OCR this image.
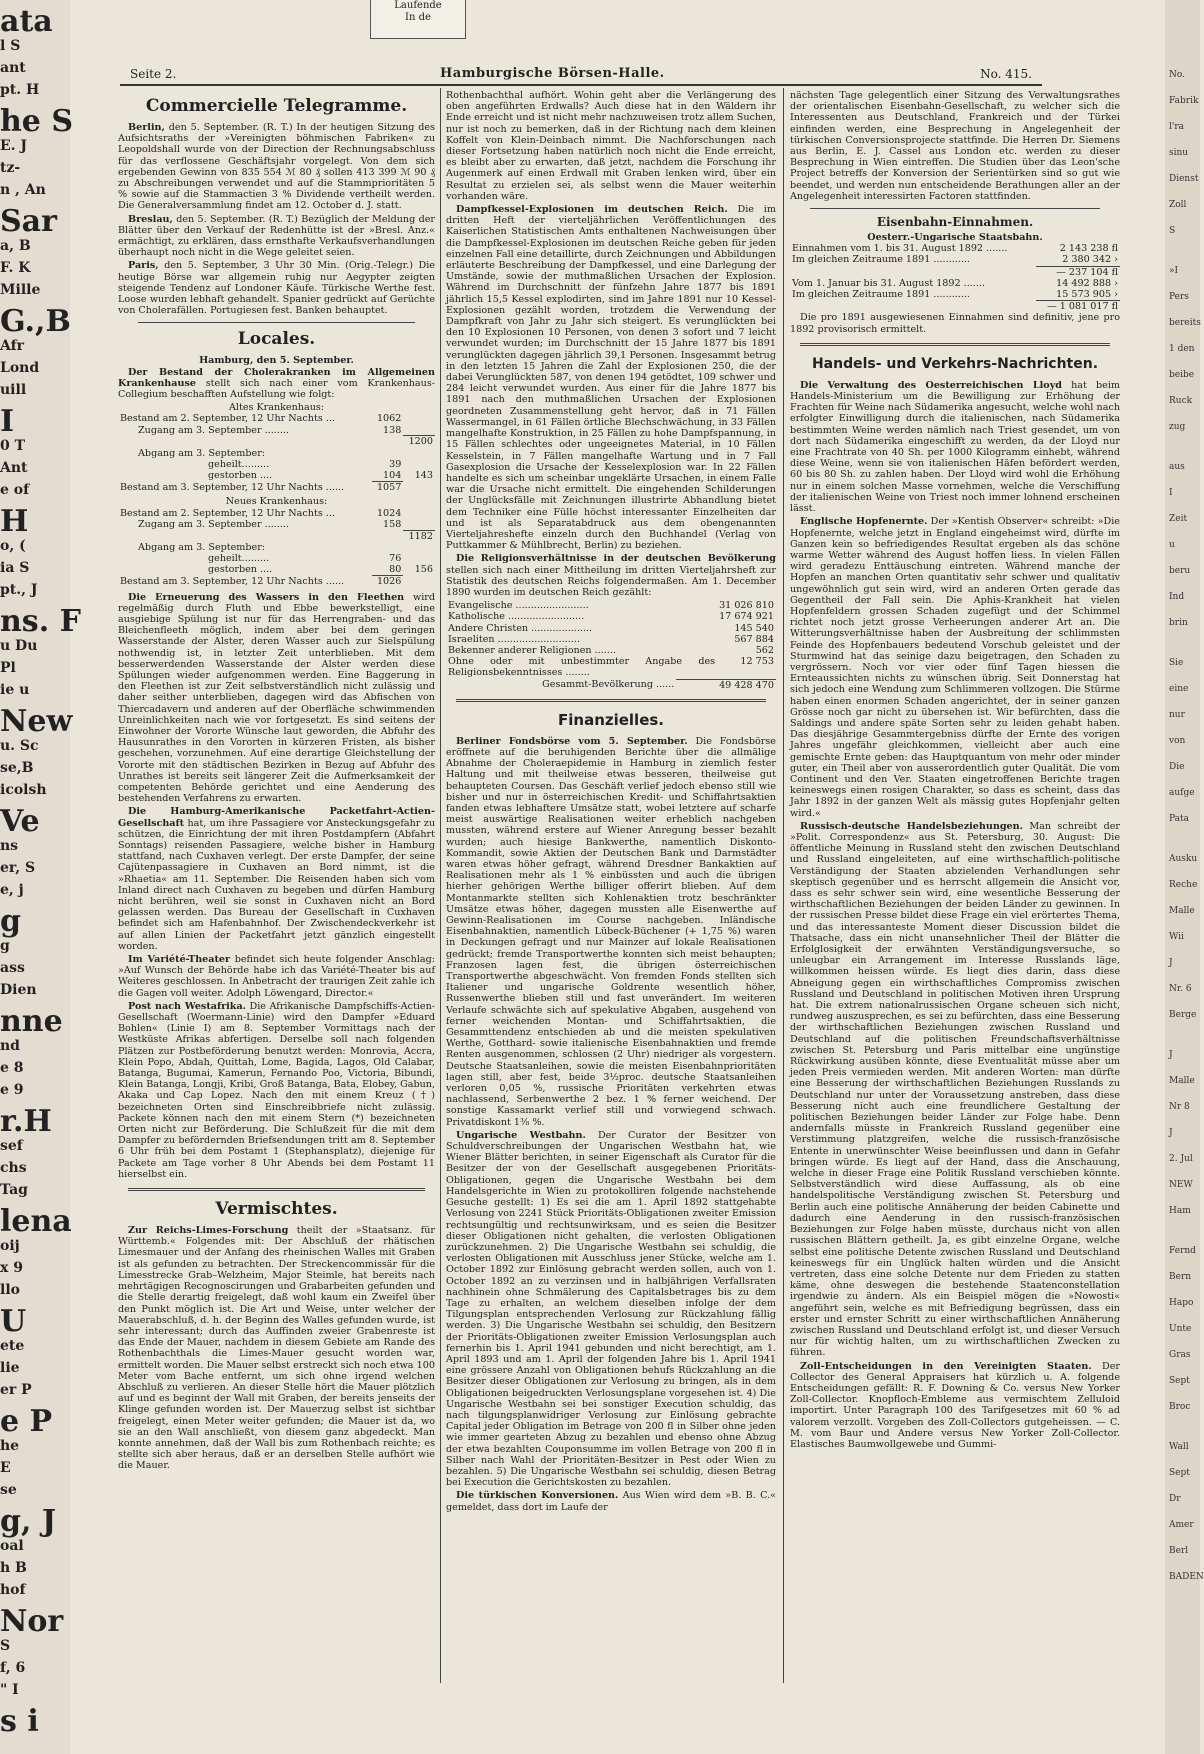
ata
l S
ant
pt. H
he S
E. J
tz-
n , An
Sar
a, B
F. K
Mille
G.,B
Afr
Lond
uill
I
0 T
Ant
e of
H
o, (
ia S
pt., J
ns. F
u Du
Pl
ie u
New
u. Sc
se,B
icolsh
Ve
ns
er, S
e, j
g
g
ass
Dien
nne
nd
e 8
e 9
r.H
sef
chs
Tag
lena
oij
x 9
llo
U
ete
lie
er P
e P
he
E
se
g, J
oal
h B
hof
Nor
S
f, 6
" I
s i
Laufende
In de
Seite 2.	Hamburgische Börsen-Halle.	No. 415.
Commercielle Telegramme.

Berlin, den 5. September. (R. T.) In der heutigen Sitzung des Aufsichtsraths der »Vereinigten böhmischen Fabriken« zu Leopoldshall wurde von der Direction der Rechnungsabschluss für das verflossene Geschäftsjahr vorgelegt. Von dem sich ergebenden Gewinn von 835 554 ℳ 80 ₰ sollen 413 399 ℳ 90 ₰ zu Abschreibungen verwendet und auf die Stammprioritäten 5 % sowie auf die Stammactien 3 % Dividende vertheilt werden. Die Generalversammlung findet am 12. October d. J. statt.

Breslau, den 5. September. (R. T.) Bezüglich der Meldung der Blätter über den Verkauf der Redenhütte ist der »Bresl. Anz.« ermächtigt, zu erklären, dass ernsthafte Verkaufsverhandlungen überhaupt noch nicht in die Wege geleitet seien.

Paris, den 5. September, 3 Uhr 30 Min. (Orig.-Telegr.) Die heutige Börse war allgemein ruhig nur Aegypter zeigten steigende Tendenz auf Londoner Käufe. Türkische Werthe fest. Loose wurden lebhaft gehandelt. Spanier gedrückt auf Gerüchte von Cholerafällen. Portugiesen fest. Banken behauptet.

Locales.
Hamburg, den 5. September.

Der Bestand der Cholerakranken im Allgemeinen Krankenhause stellt sich nach einer vom Krankenhaus-Collegium beschafften Aufstellung wie folgt:

Altes Krankenhaus:
Bestand am 2. September, 12 Uhr Nachts ...	1062	
Zugang am 3. September ........	138	
		1200
Abgang am 3. September:		
geheilt.........	39	
gestorben ....	104	143
Bestand am 3. September, 12 Uhr Nachts ......	1057	
Neues Krankenhaus:
Bestand am 2. September, 12 Uhr Nachts ...	1024	
Zugang am 3. September ........	158	
		1182
Abgang am 3. September:		
geheilt.........	76	
gestorben ....	80	156
Bestand am 3. September, 12 Uhr Nachts ......	1026	

Die Erneuerung des Wassers in den Fleethen wird regelmäßig durch Fluth und Ebbe bewerkstelligt, eine ausgiebige Spülung ist nur für das Herrengraben- und das Bleichenfleeth möglich, indem aber bei dem geringen Wasserstande der Alster, deren Wasser auch zur Sielspülung nothwendig ist, in letzter Zeit unterblieben. Mit dem besserwerdenden Wasserstande der Alster werden diese Spülungen wieder aufgenommen werden. Eine Baggerung in den Fleethen ist zur Zeit selbstverständlich nicht zulässig und daher seither unterblieben, dagegen wird das Abfischen von Thiercadavern und anderen auf der Oberfläche schwimmenden Unreinlichkeiten nach wie vor fortgesetzt. Es sind seitens der Einwohner der Vororte Wünsche laut geworden, die Abfuhr des Hausunrathes in den Vororten in kürzeren Fristen, als bisher geschehen, vorzunehmen. Auf eine derartige Gleichstellung der Vororte mit den städtischen Bezirken in Bezug auf Abfuhr des Unrathes ist bereits seit längerer Zeit die Aufmerksamkeit der competenten Behörde gerichtet und eine Aenderung des bestehenden Verfahrens zu erwarten.

Die Hamburg-Amerikanische Packetfahrt-Actien-Gesellschaft hat, um ihre Passagiere vor Ansteckungsgefahr zu schützen, die Einrichtung der mit ihren Postdampfern (Abfahrt Sonntags) reisenden Passagiere, welche bisher in Hamburg stattfand, nach Cuxhaven verlegt. Der erste Dampfer, der seine Cajütenpassagiere in Cuxhaven an Bord nimmt, ist die »Rhaetia« am 11. September. Die Reisenden haben sich vom Inland direct nach Cuxhaven zu begeben und dürfen Hamburg nicht berühren, weil sie sonst in Cuxhaven nicht an Bord gelassen werden. Das Bureau der Gesellschaft in Cuxhaven befindet sich am Hafenbahnhof. Der Zwischendeckverkehr ist auf allen Linien der Packetfahrt jetzt gänzlich eingestellt worden.

Im Variété-Theater befindet sich heute folgender Anschlag: »Auf Wunsch der Behörde habe ich das Variété-Theater bis auf Weiteres geschlossen. In Anbetracht der traurigen Zeit zahle ich die Gagen voll weiter. Adolph Löwengard, Director.«

Post nach Westafrika. Die Afrikanische Dampfschiffs-Actien-Gesellschaft (Woermann-Linie) wird den Dampfer »Eduard Bohlen« (Linie I) am 8. September Vormittags nach der Westküste Afrikas abfertigen. Derselbe soll nach folgenden Plätzen zur Postbeförderung benutzt werden: Monrovia, Accra, Klein Popo, Abdah, Quittah, Lome, Bagida, Lagos, Old Calabar, Batanga, Bugumai, Kamerun, Fernando Poo, Victoria, Bibundi, Klein Batanga, Longji, Kribi, Groß Batanga, Bata, Elobey, Gabun, Akaka und Cap Lopez. Nach den mit einem Kreuz (†) bezeichneten Orten sind Einschreibbriefe nicht zulässig. Packete können nach den mit einem Stern (*) bezeichneten Orten nicht zur Beförderung. Die Schlußzeit für die mit dem Dampfer zu befördernden Briefsendungen tritt am 8. September 6 Uhr früh bei dem Postamt 1 (Stephansplatz), diejenige für Packete am Tage vorher 8 Uhr Abends bei dem Postamt 11 hierselbst ein.

Vermischtes.

Zur Reichs-Limes-Forschung theilt der »Staatsanz. für Württemb.« Folgendes mit: Der Abschluß der rhätischen Limesmauer und der Anfang des rheinischen Walles mit Graben ist als gefunden zu betrachten. Der Streckencommissär für die Limesstrecke Grab–Welzheim, Major Steimle, hat bereits nach mehrtägigen Recognoscirungen und Grabarbeiten gefunden und die Stelle derartig freigelegt, daß wohl kaum ein Zweifel über den Punkt möglich ist. Die Art und Weise, unter welcher der Mauerabschluß, d. h. der Beginn des Walles gefunden wurde, ist sehr interessant; durch das Auffinden zweier Grabenreste ist das Ende der Mauer, nachdem in diesem Gebiete am Rande des Rothenbachthals die Limes-Mauer gesucht worden war, ermittelt worden. Die Mauer selbst erstreckt sich noch etwa 100 Meter vom Bache entfernt, um sich ohne irgend welchen Abschluß zu verlieren. An dieser Stelle hört die Mauer plötzlich auf und es beginnt der Wall mit Graben, der bereits jenseits der Klinge gefunden worden ist. Der Mauerzug selbst ist sichtbar freigelegt, einen Meter weiter gefunden; die Mauer ist da, wo sie an den Wall anschließt, von diesem ganz abgedeckt. Man konnte annehmen, daß der Wall bis zum Rothenbach reichte; es stellte sich aber heraus, daß er an derselben Stelle aufhört wie die Mauer.

Rothenbachthal aufhört. Wohin geht aber die Verlängerung des oben angeführten Erdwalls? Auch diese hat in den Wäldern ihr Ende erreicht und ist nicht mehr nachzuweisen trotz allem Suchen, nur ist noch zu bemerken, daß in der Richtung nach dem kleinen Koffelt von Klein-Deinbach nimmt. Die Nachforschungen nach dieser Fortsetzung haben natürlich noch nicht die Ende erreicht, es bleibt aber zu erwarten, daß jetzt, nachdem die Forschung ihr Augenmerk auf einen Erdwall mit Graben lenken wird, über ein Resultat zu erzielen sei, als selbst wenn die Mauer weiterhin vorhanden wäre.

Dampfkessel-Explosionen im deutschen Reich. Die im dritten Heft der vierteljährlichen Veröffentlichungen des Kaiserlichen Statistischen Amts enthaltenen Nachweisungen über die Dampfkessel-Explosionen im deutschen Reiche geben für jeden einzelnen Fall eine detaillirte, durch Zeichnungen und Abbildungen erläuterte Beschreibung der Dampfkessel, und eine Darlegung der Umstände, sowie der muthmaßlichen Ursachen der Explosion. Während im Durchschnitt der fünfzehn Jahre 1877 bis 1891 jährlich 15,5 Kessel explodirten, sind im Jahre 1891 nur 10 Kessel-Explosionen gezählt worden, trotzdem die Verwendung der Dampfkraft von Jahr zu Jahr sich steigert. Es verunglückten bei den 10 Explosionen 10 Personen, von denen 3 sofort und 7 leicht verwundet wurden; im Durchschnitt der 15 Jahre 1877 bis 1891 verunglückten dagegen jährlich 39,1 Personen. Insgesammt betrug in den letzten 15 Jahren die Zahl der Explosionen 250, die der dabei Verunglückten 587, von denen 194 getödtet, 109 schwer und 284 leicht verwundet wurden. Aus einer für die Jahre 1877 bis 1891 nach den muthmaßlichen Ursachen der Explosionen geordneten Zusammenstellung geht hervor, daß in 71 Fällen Wassermangel, in 61 Fällen örtliche Blechschwächung, in 33 Fällen mangelhafte Konstruktion, in 25 Fällen zu hohe Dampfspannung, in 15 Fällen schlechtes oder ungeeignetes Material, in 10 Fällen Kesselstein, in 7 Fällen mangelhafte Wartung und in 7 Fall Gasexplosion die Ursache der Kesselexplosion war. In 22 Fällen handelte es sich um scheinbar ungeklärte Ursachen, in einem Falle war die Ursache nicht ermittelt. Die eingehenden Schilderungen der Unglücksfälle mit Zeichnungen illustrirte Abhandlung bietet dem Techniker eine Fülle höchst interessanter Einzelheiten dar und ist als Separatabdruck aus dem obengenannten Vierteljahreshefte einzeln durch den Buchhandel (Verlag von Puttkammer & Mühlbrecht, Berlin) zu beziehen.

Die Religionsverhältnisse in der deutschen Bevölkerung stellen sich nach einer Mittheilung im dritten Vierteljahrsheft zur Statistik des deutschen Reichs folgendermaßen. Am 1. December 1890 wurden im deutschen Reich gezählt:

Evangelische ........................	31 026 810
Katholische .........................	17 674 921
Andere Christen ....................	145 540
Israeliten ...........................	567 884
Bekenner anderer Religionen .......	562
Ohne oder mit unbestimmter Angabe des Religionsbekenntnisses ........	12 753
Gesammt-Bevölkerung ......	49 428 470
Finanzielles.

Berliner Fondsbörse vom 5. September. Die Fondsbörse eröffnete auf die beruhigenden Berichte über die allmälige Abnahme der Choleraepidemie in Hamburg in ziemlich fester Haltung und mit theilweise etwas besseren, theilweise gut behaupteten Coursen. Das Geschäft verlief jedoch ebenso still wie bisher und nur in österreichischen Kredit- und Schiffahrtsaktien fanden etwas lebhaftere Umsätze statt, wobei letztere auf scharfe meist auswärtige Realisationen weiter erheblich nachgeben mussten, während erstere auf Wiener Anregung besser bezahlt wurden; auch hiesige Bankwerthe, namentlich Diskonto-Kommandit, sowie Aktien der Deutschen Bank und Darmstädter waren etwas höher gefragt, während Dresdner Bankaktien auf Realisationen mehr als 1 % einbüssten und auch die übrigen hierher gehörigen Werthe billiger offerirt blieben. Auf dem Montanmarkte stellten sich Kohlenaktien trotz beschränkter Umsätze etwas höher, dagegen mussten alle Eisenwerthe auf Gewinn-Realisationen im Course nachgeben. Inländische Eisenbahnaktien, namentlich Lübeck-Büchener (+ 1,75 %) waren in Deckungen gefragt und nur Mainzer auf lokale Realisationen gedrückt; fremde Transportwerthe konnten sich meist behaupten; Franzosen lagen fest, die übrigen österreichischen Transportwerthe abgeschwächt. Von fremden Fonds stellten sich Italiener und ungarische Goldrente wesentlich höher, Russenwerthe blieben still und fast unverändert. Im weiteren Verlaufe schwächte sich auf spekulative Abgaben, ausgehend von ferner weichenden Montan- und Schiffahrtsaktien, die Gesammttendenz entschieden ab und die meisten spekulativen Werthe, Gotthard- sowie italienische Eisenbahnaktien und fremde Renten ausgenommen, schlossen (2 Uhr) niedriger als vorgestern. Deutsche Staatsanleihen, sowie die meisten Eisenbahnprioritäten lagen still, aber fest, beide 3½proc. deutsche Staatsanleihen verloren 0,05 %, russische Prioritäten verkehrten etwas nachlassend, Serbenwerthe 2 bez. 1 % ferner weichend. Der sonstige Kassamarkt verlief still und vorwiegend schwach. Privatdiskont 1⅜ %.

Ungarische Westbahn. Der Curator der Besitzer von Schuldverschreibungen der Ungarischen Westbahn hat, wie Wiener Blätter berichten, in seiner Eigenschaft als Curator für die Besitzer der von der Gesellschaft ausgegebenen Prioritäts-Obligationen, gegen die Ungarische Westbahn bei dem Handelsgerichte in Wien zu protokolliren folgende nachstehende Gesuche gestellt: 1) Es sei die am 1. April 1892 stattgehabte Verlosung von 2241 Stück Prioritäts-Obligationen zweiter Emission rechtsungültig und rechtsunwirksam, und es seien die Besitzer dieser Obligationen nicht gehalten, die verlosten Obligationen zurückzunehmen. 2) Die Ungarische Westbahn sei schuldig, die verlosten Obligationen mit Ausschluss jener Stücke, welche am 1. October 1892 zur Einlösung gebracht werden sollen, auch von 1. October 1892 an zu verzinsen und in halbjährigen Verfallsraten nachhinein ohne Schmälerung des Capitalsbetrages bis zu dem Tage zu erhalten, an welchem dieselben infolge der dem Tilgungsplan entsprechenden Verlosung zur Rückzahlung fällig werden. 3) Die Ungarische Westbahn sei schuldig, den Besitzern der Prioritäts-Obligationen zweiter Emission Verlosungsplan auch fernerhin bis 1. April 1941 gebunden und nicht berechtigt, am 1. April 1893 und am 1. April der folgenden Jahre bis 1. April 1941 eine grössere Anzahl von Obligationen behufs Rückzahlung an die Besitzer dieser Obligationen zur Verlosung zu bringen, als in dem Obligationen beigedruckten Verlosungsplane vorgesehen ist. 4) Die Ungarische Westbahn sei bei sonstiger Execution schuldig, das nach tilgungsplanwidriger Verlosung zur Einlösung gebrachte Capital jeder Obligation im Betrage von 200 fl in Silber ohne jeden wie immer gearteten Abzug zu bezahlen und ebenso ohne Abzug der etwa bezahlten Couponsumme im vollen Betrage von 200 fl in Silber nach Wahl der Prioritäten-Besitzer in Pest oder Wien zu bezahlen. 5) Die Ungarische Westbahn sei schuldig, diesen Betrag bei Execution die Gerichtskosten zu bezahlen.

Die türkischen Konversionen. Aus Wien wird dem »B. B. C.« gemeldet, dass dort im Laufe der

nächsten Tage gelegentlich einer Sitzung des Verwaltungsrathes der orientalischen Eisenbahn-Gesellschaft, zu welcher sich die Interessenten aus Deutschland, Frankreich und der Türkei einfinden werden, eine Besprechung in Angelegenheit der türkischen Conversionsprojecte stattfinde. Die Herren Dr. Siemens aus Berlin, E. J. Cassel aus London etc. werden zu dieser Besprechung in Wien eintreffen. Die Studien über das Leon'sche Project betreffs der Konversion der Serientürken sind so gut wie beendet, und werden nun entscheidende Berathungen aller an der Angelegenheit interessirten Factoren stattfinden.

Eisenbahn-Einnahmen.
Oesterr.-Ungarische Staatsbahn.
Einnahmen vom 1. bis 31. August 1892 .......	2 143 238 fl
Im gleichen Zeitraume 1891 ............	2 380 342 ›
	— 237 104 fl
Vom 1. Januar bis 31. August 1892 .......	14 492 888 ›
Im gleichen Zeitraume 1891 ............	15 573 905 ›
	— 1 081 017 fl

Die pro 1891 ausgewiesenen Einnahmen sind definitiv, jene pro 1892 provisorisch ermittelt.

Handels- und Verkehrs-Nachrichten.

Die Verwaltung des Oesterreichischen Lloyd hat beim Handels-Ministerium um die Bewilligung zur Erhöhung der Frachten für Weine nach Südamerika angesucht, welche wohl nach erfolgter Einwilligung durch die italienischen, nach Südamerika bestimmten Weine werden nämlich nach Triest gesendet, um von dort nach Südamerika eingeschifft zu werden, da der Lloyd nur eine Frachtrate von 40 Sh. per 1000 Kilogramm einhebt, während diese Weine, wenn sie von italienischen Häfen befördert werden, 60 bis 80 Sh. zu zahlen haben. Der Lloyd wird wohl die Erhöhung nur in einem solchen Masse vornehmen, welche die Verschiffung der italienischen Weine von Triest noch immer lohnend erscheinen lässt.

Englische Hopfenernte. Der »Kentish Observer« schreibt: »Die Hopfenernte, welche jetzt in England eingeheimst wird, dürfte im Ganzen kein so befriedigendes Resultat ergeben als das schöne warme Wetter während des August hoffen liess. In vielen Fällen wird geradezu Enttäuschung eintreten. Während manche der Hopfen an manchen Orten quantitativ sehr schwer und qualitativ ungewöhnlich gut sein wird, wird an anderen Orten gerade das Gegentheil der Fall sein. Die Aphis-Krankheit hat vielen Hopfenfeldern grossen Schaden zugefügt und der Schimmel richtet noch jetzt grosse Verheerungen anderer Art an. Die Witterungsverhältnisse haben der Ausbreitung der schlimmsten Feinde des Hopfenbauers bedeutend Vorschub geleistet und der Sturmwind hat das seinige dazu beigetragen, den Schaden zu vergrössern. Noch vor vier oder fünf Tagen hiessen die Ernteaussichten nichts zu wünschen übrig. Seit Donnerstag hat sich jedoch eine Wendung zum Schlimmeren vollzogen. Die Stürme haben einen enormen Schaden angerichtet, der in seiner ganzen Grösse noch gar nicht zu übersehen ist. Wir befürchten, dass die Saldings und andere späte Sorten sehr zu leiden gehabt haben. Das diesjährige Gesammtergebniss dürfte der Ernte des vorigen Jahres ungefähr gleichkommen, vielleicht aber auch eine gemischte Ernte geben: das Hauptquantum von mehr oder minder guter, ein Theil aber von ausserordentlich guter Qualität. Die vom Continent und den Ver. Staaten eingetroffenen Berichte tragen keineswegs einen rosigen Charakter, so dass es scheint, dass das Jahr 1892 in der ganzen Welt als mässig gutes Hopfenjahr gelten wird.«

Russisch-deutsche Handelsbeziehungen. Man schreibt der »Polit. Correspondenz« aus St. Petersburg, 30. August: Die öffentliche Meinung in Russland steht den zwischen Deutschland und Russland eingeleiteten, auf eine wirthschaftlich-politische Verständigung der Staaten abzielenden Verhandlungen sehr skeptisch gegenüber und es herrscht allgemein die Ansicht vor, dass es sehr schwer sein wird, eine wesentliche Besserung der wirthschaftlichen Beziehungen der beiden Länder zu gewinnen. In der russischen Presse bildet diese Frage ein viel erörtertes Thema, und das interessanteste Moment dieser Discussion bildet die Thatsache, dass ein nicht unansehnlicher Theil der Blätter die Erfolglosigkeit der erwähnten Verständigungsversuche, so unleugbar ein Arrangement im Interesse Russlands läge, willkommen heissen würde. Es liegt dies darin, dass diese Abneigung gegen ein wirthschaftliches Compromiss zwischen Russland und Deutschland in politischen Motiven ihren Ursprung hat. Die extrem nationalrussischen Organe scheuen sich nicht, rundweg auszusprechen, es sei zu befürchten, dass eine Besserung der wirthschaftlichen Beziehungen zwischen Russland und Deutschland auf die politischen Freundschaftsverhältnisse zwischen St. Petersburg und Paris mittelbar eine ungünstige Rückwirkung ausüben könnte, diese Eventualität müsse aber um jeden Preis vermieden werden. Mit anderen Worten: man dürfte eine Besserung der wirthschaftlichen Beziehungen Russlands zu Deutschland nur unter der Voraussetzung anstreben, dass diese Besserung nicht auch eine freundlichere Gestaltung der politischen Beziehungen beider Länder zur Folge habe. Denn andernfalls müsste in Frankreich Russland gegenüber eine Verstimmung platzgreifen, welche die russisch-französische Entente in unerwünschter Weise beeinflussen und dann in Gefahr bringen würde. Es liegt auf der Hand, dass die Anschauung, welche in dieser Frage eine Politik Russland verschieben könnte. Selbstverständlich wird diese Auffassung, als ob eine handelspolitische Verständigung zwischen St. Petersburg und Berlin auch eine politische Annäherung der beiden Cabinette und dadurch eine Aenderung in den russisch-französischen Beziehungen zur Folge haben müsste, durchaus nicht von allen russischen Blättern getheilt. Ja, es gibt einzelne Organe, welche selbst eine politische Detente zwischen Russland und Deutschland keineswegs für ein Unglück halten würden und die Ansicht vertreten, dass eine solche Detente nur dem Frieden zu statten käme, ohne deswegen die bestehende Staatenconstellation irgendwie zu ändern. Als ein Beispiel mögen die »Nowosti« angeführt sein, welche es mit Befriedigung begrüssen, dass ein erster und ernster Schritt zu einer wirthschaftlichen Annäherung zwischen Russland und Deutschland erfolgt ist, und dieser Versuch nur für wichtig halten, um zu wirthschaftlichen Zwecken zu führen.

Zoll-Entscheidungen in den Vereinigten Staaten. Der Collector des General Appraisers hat kürzlich u. A. folgende Entscheidungen gefällt: R. F. Downing & Co. versus New Yorker Zoll-Collector. Knopfloch-Embleme aus vermischtem Zelluloid importirt. Unter Paragraph 100 des Tarifgesetzes mit 60 % ad valorem verzollt. Vorgeben des Zoll-Collectors gutgeheissen. — C. M. vom Baur und Andere versus New Yorker Zoll-Collector. Elastisches Baumwollgewebe und Gummi-

No.
Fabrik
l'ra
sinu
Dienst
Zoll
S
»I
Pers
bereits
1 den
beibe
Ruck
zug
aus
I
Zeit
u
beru
Ind
brin
Sie
eine
nur
von
Die
aufge
Pata
Ausku
Reche
Malle
Wii
J
Nr. 6
Berge
J
Malle
Nr 8
J
2. Jul
NEW
Ham
Fernd
Bern
Hapo
Unte
Gras
Sept
Broc
Wall
Sept
Dr
Amer
Berl
BADEN
